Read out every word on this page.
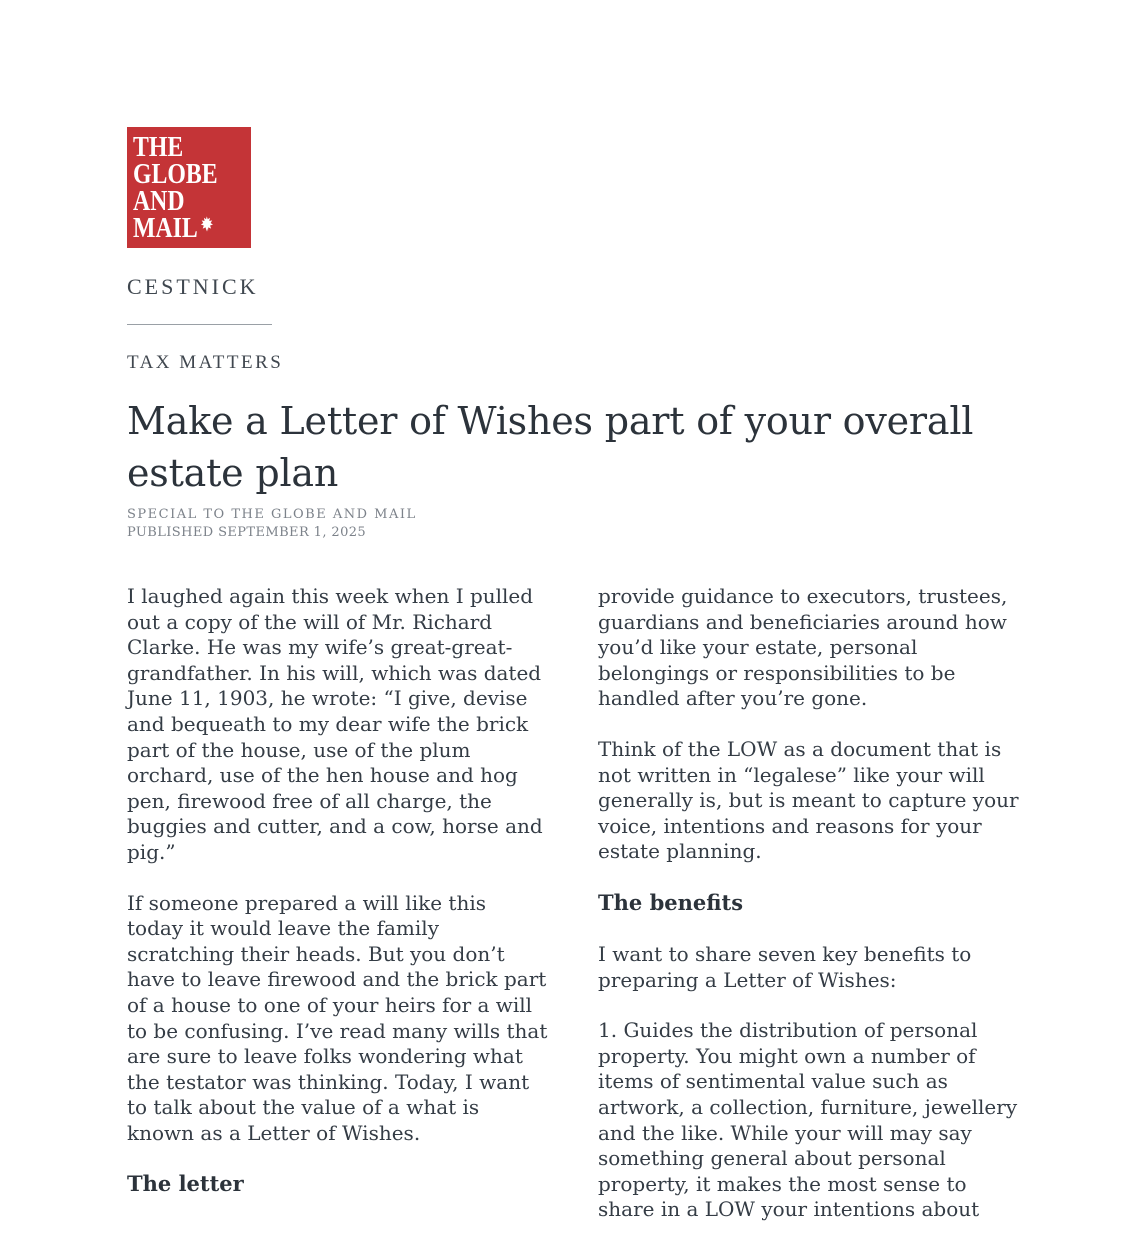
THE
GLOBE
AND
MAIL
CESTNICK
TAX MATTERS
Make a Letter of Wishes part of your overall estate plan
SPECIAL TO THE GLOBE AND MAIL
PUBLISHED SEPTEMBER 1, 2025

I laughed again this week when I pulled out a copy of the will of Mr. Richard Clarke. He was my wife’s great-great-grandfather. In his will, which was dated June 11, 1903, he wrote: “I give, devise and bequeath to my dear wife the brick part of the house, use of the plum orchard, use of the hen house and hog pen, firewood free of all charge, the buggies and cutter, and a cow, horse and pig.”

If someone prepared a will like this today it would leave the family scratching their heads. But you don’t have to leave firewood and the brick part of a house to one of your heirs for a will to be confusing. I’ve read many wills that are sure to leave folks wondering what the testator was thinking. Today, I want to talk about the value of a what is known as a Letter of Wishes.

The letter

provide guidance to executors, trustees, guardians and beneficiaries around how you’d like your estate, personal belongings or responsibilities to be handled after you’re gone.

Think of the LOW as a document that is not written in “legalese” like your will generally is, but is meant to capture your voice, intentions and reasons for your estate planning.

The benefits

I want to share seven key benefits to preparing a Letter of Wishes:

1. Guides the distribution of personal property. You might own a number of items of sentimental value such as artwork, a collection, furniture, jewellery and the like. While your will may say something general about personal property, it makes the most sense to share in a LOW your intentions about
